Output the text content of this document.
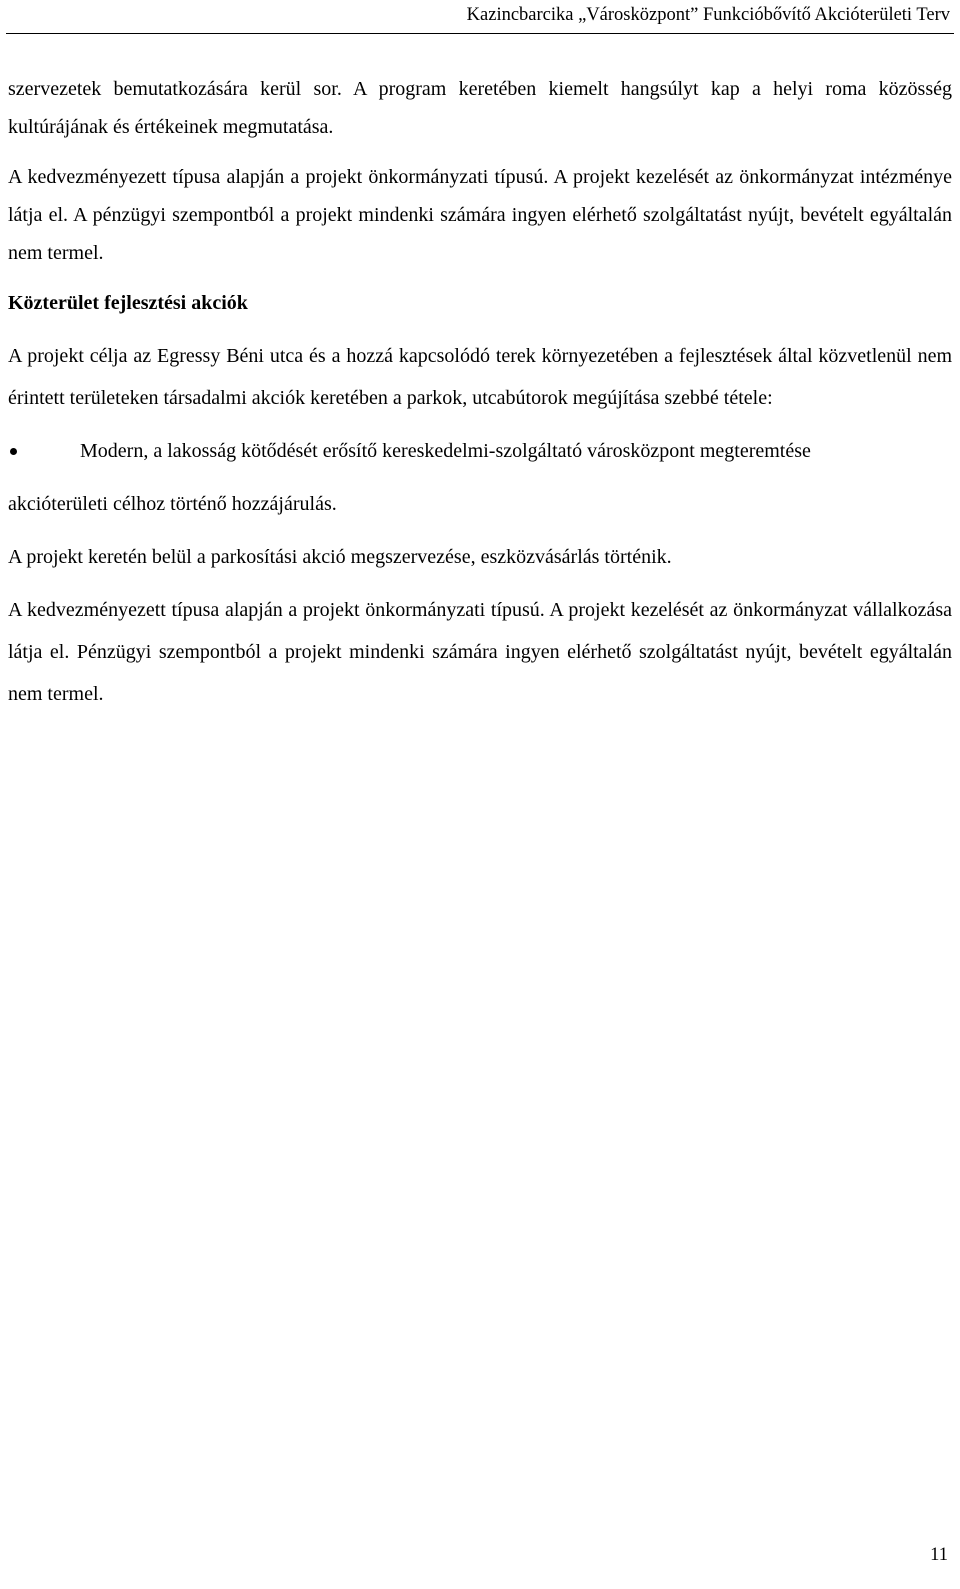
Kazincbarcika „Városközpont” Funkcióbővítő Akcióterületi Terv

szervezetek bemutatkozására kerül sor. A program keretében kiemelt hangsúlyt kap a helyi roma közösség kultúrájának és értékeinek megmutatása.

A kedvezményezett típusa alapján a projekt önkormányzati típusú. A projekt kezelését az önkormányzat intézménye látja el. A pénzügyi szempontból a projekt mindenki számára ingyen elérhető szolgáltatást nyújt, bevételt egyáltalán nem termel.

Közterület fejlesztési akciók

A projekt célja az Egressy Béni utca és a hozzá kapcsolódó terek környezetében a fejlesztések által közvetlenül nem érintett területeken társadalmi akciók keretében a parkok, utcabútorok megújítása szebbé tétele:

Modern, a lakosság kötődését erősítő kereskedelmi-szolgáltató városközpont megteremtése

akcióterületi célhoz történő hozzájárulás.

A projekt keretén belül a parkosítási akció megszervezése, eszközvásárlás történik.

A kedvezményezett típusa alapján a projekt önkormányzati típusú. A projekt kezelését az önkormányzat vállalkozása látja el. Pénzügyi szempontból a projekt mindenki számára ingyen elérhető szolgáltatást nyújt, bevételt egyáltalán nem termel.

11
